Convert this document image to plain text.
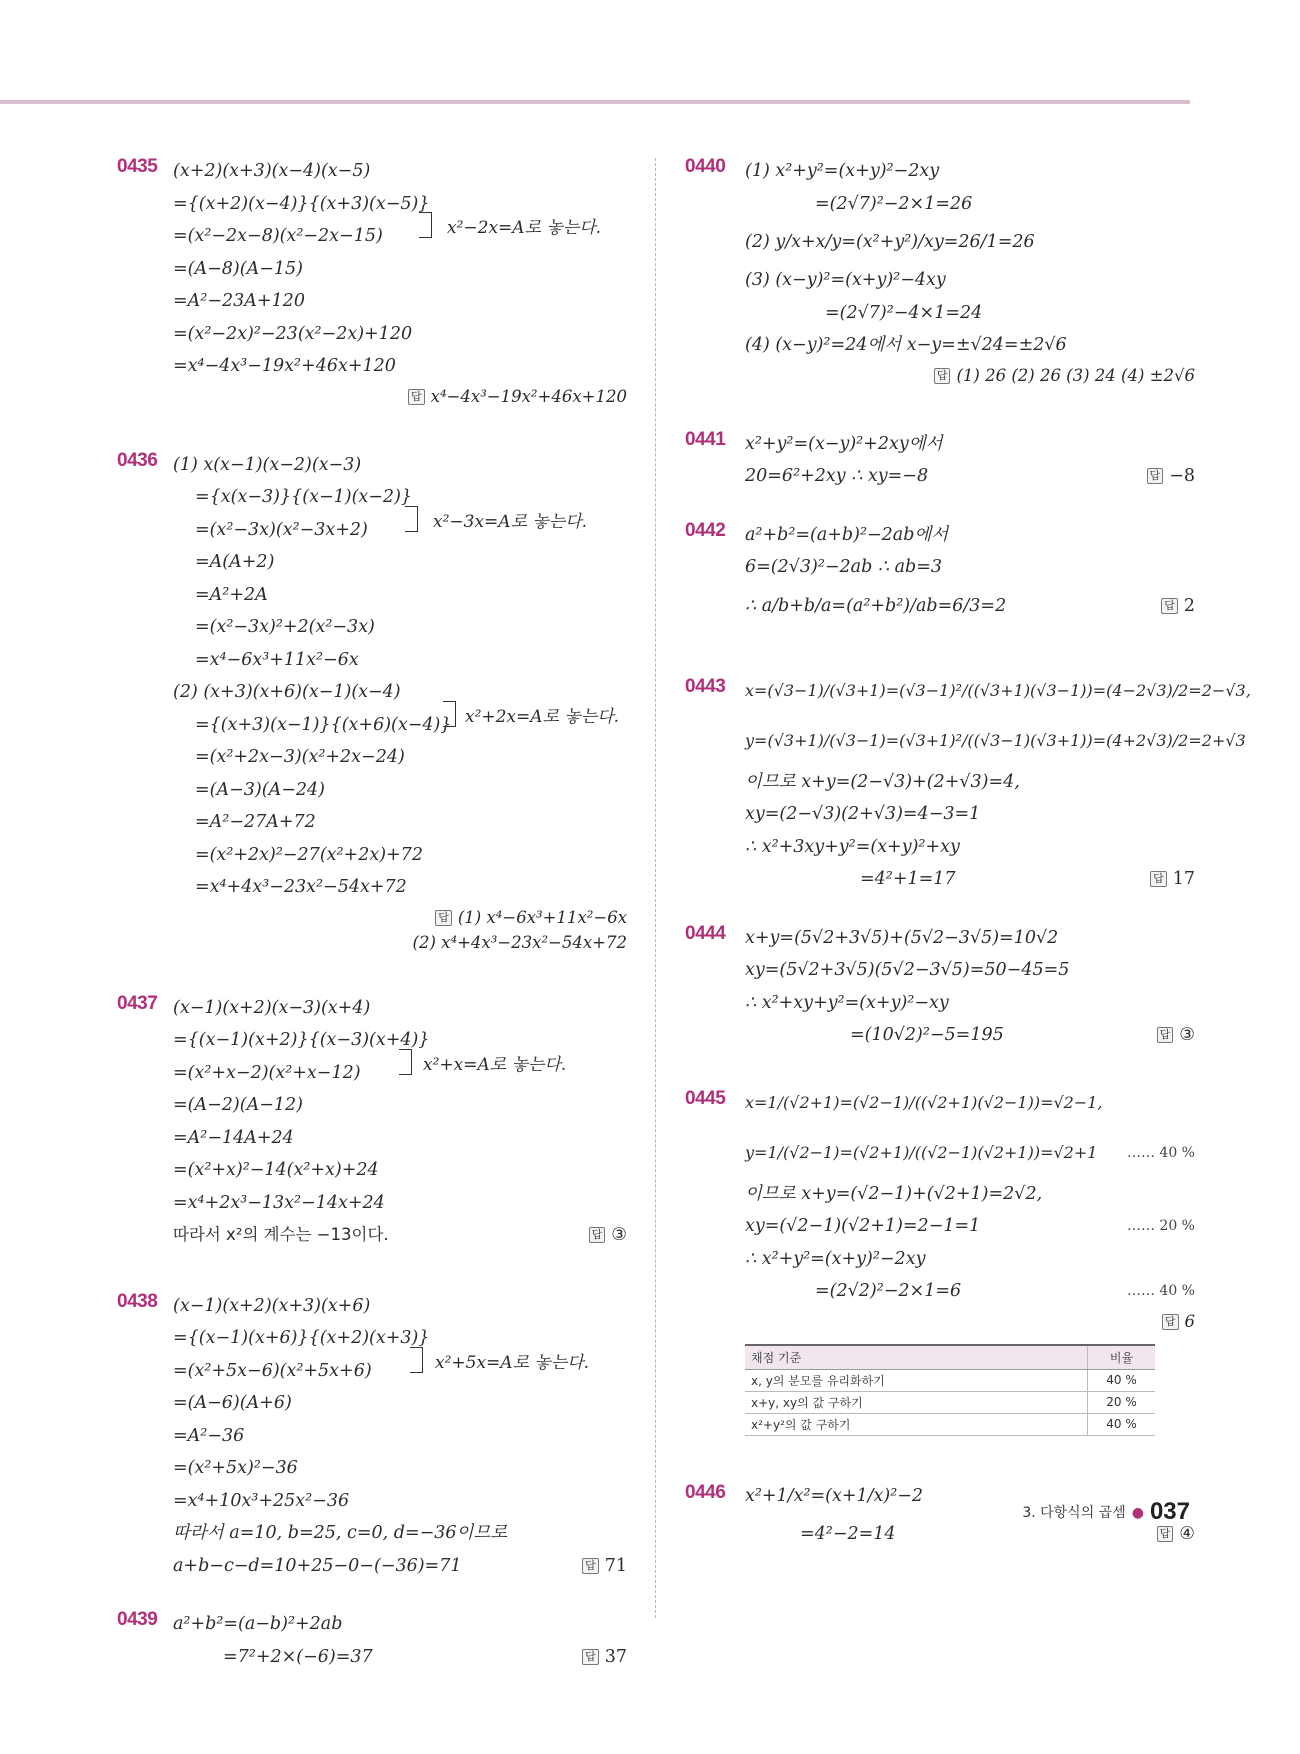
0435 (x+2)(x+3)(x−4)(x−5)
={(x+2)(x−4)}{(x+3)(x−5)}
=(x²−2x−8)(x²−2x−15)
=(A−8)(A−15)
=A²−23A+120
=(x²−2x)²−23(x²−2x)+120
=x⁴−4x³−19x²+46x+120
x²−2x=A로 놓는다.
답 x⁴−4x³−19x²+46x+120
0436 (1) x(x−1)(x−2)(x−3)
={x(x−3)}{(x−1)(x−2)}
=(x²−3x)(x²−3x+2)
=A(A+2)
=A²+2A
=(x²−3x)²+2(x²−3x)
=x⁴−6x³+11x²−6x
(2) (x+3)(x+6)(x−1)(x−4)
={(x+3)(x−1)}{(x+6)(x−4)}
=(x²+2x−3)(x²+2x−24)
=(A−3)(A−24)
=A²−27A+72
=(x²+2x)²−27(x²+2x)+72
=x⁴+4x³−23x²−54x+72
x²−3x=A로 놓는다.
x²+2x=A로 놓는다.
답 (1) x⁴−6x³+11x²−6x
(2) x⁴+4x³−23x²−54x+72
0437 (x−1)(x+2)(x−3)(x+4)
={(x−1)(x+2)}{(x−3)(x+4)}
=(x²+x−2)(x²+x−12)
=(A−2)(A−12)
=A²−14A+24
=(x²+x)²−14(x²+x)+24
=x⁴+2x³−13x²−14x+24
따라서 x²의 계수는 −13이다.	답 ③
x²+x=A로 놓는다.
0438 (x−1)(x+2)(x+3)(x+6)
={(x−1)(x+6)}{(x+2)(x+3)}
=(x²+5x−6)(x²+5x+6)
=(A−6)(A+6)
=A²−36
=(x²+5x)²−36
=x⁴+10x³+25x²−36
따라서 a=10, b=25, c=0, d=−36이므로
a+b−c−d=10+25−0−(−36)=71	답 71
x²+5x=A로 놓는다.
0439 a²+b²=(a−b)²+2ab
=7²+2×(−6)=37	답 37
0440 (1) x²+y²=(x+y)²−2xy
=(2√7)²−2×1=26
(2) y/x+x/y=(x²+y²)/xy=26/1=26
(3) (x−y)²=(x+y)²−4xy
=(2√7)²−4×1=24
(4) (x−y)²=24에서 x−y=±√24=±2√6
답 (1) 26 (2) 26 (3) 24 (4) ±2√6
0441 x²+y²=(x−y)²+2xy에서
20=6²+2xy ∴ xy=−8	답 −8
0442 a²+b²=(a+b)²−2ab에서
6=(2√3)²−2ab ∴ ab=3
∴ a/b+b/a=(a²+b²)/ab=6/3=2	답 2
0443 x=(√3−1)/(√3+1)=(√3−1)²/((√3+1)(√3−1))=(4−2√3)/2=2−√3,
y=(√3+1)/(√3−1)=(√3+1)²/((√3−1)(√3+1))=(4+2√3)/2=2+√3
이므로 x+y=(2−√3)+(2+√3)=4,
xy=(2−√3)(2+√3)=4−3=1
∴ x²+3xy+y²=(x+y)²+xy
=4²+1=17	답 17
0444 x+y=(5√2+3√5)+(5√2−3√5)=10√2
xy=(5√2+3√5)(5√2−3√5)=50−45=5
∴ x²+xy+y²=(x+y)²−xy
=(10√2)²−5=195	답 ③
0445 x=1/(√2+1)=(√2−1)/((√2+1)(√2−1))=√2−1,
y=1/(√2−1)=(√2+1)/((√2−1)(√2+1))=√2+1 …… 40 %
이므로 x+y=(√2−1)+(√2+1)=2√2,
xy=(√2−1)(√2+1)=2−1=1	…… 20 %
∴ x²+y²=(x+y)²−2xy
=(2√2)²−2×1=6	…… 40 %
답 6
채점 기준	비율
x, y의 분모를 유리화하기	40 %
x+y, xy의 값 구하기	20 %
x²+y²의 값 구하기	40 %
0446 x²+1/x²=(x+1/x)²−2
=4²−2=14	답 ④
3. 다항식의 곱셈 ● 037
